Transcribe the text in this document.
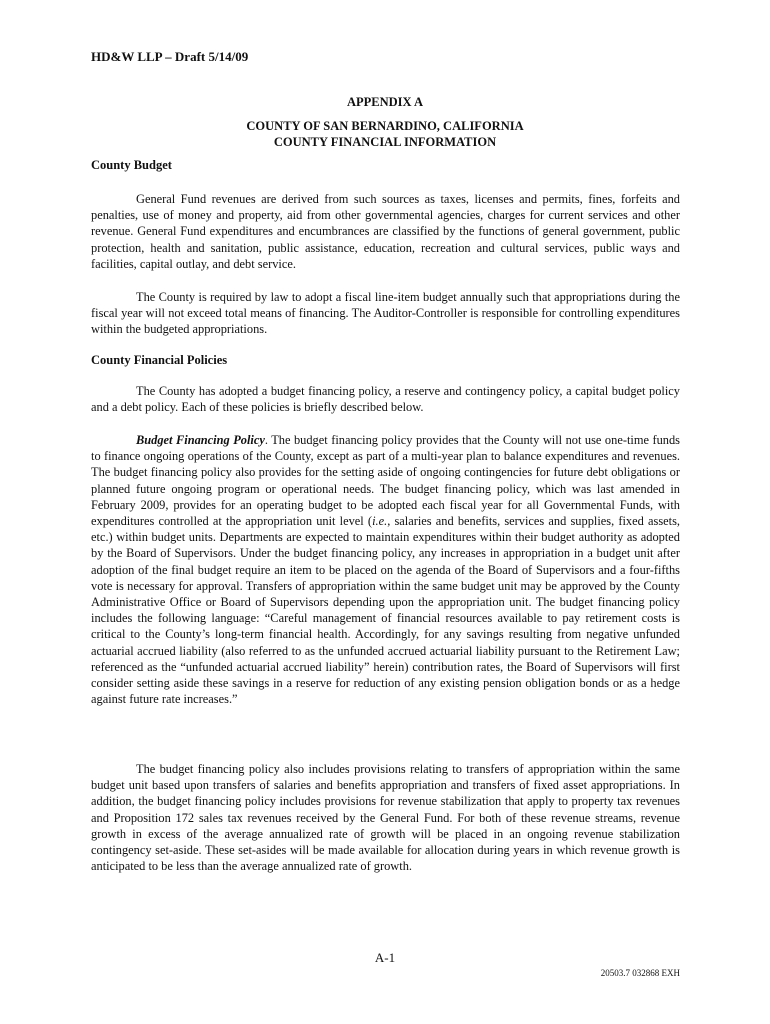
HD&W LLP – Draft 5/14/09
APPENDIX A
COUNTY OF SAN BERNARDINO, CALIFORNIA
COUNTY FINANCIAL INFORMATION
County Budget
General Fund revenues are derived from such sources as taxes, licenses and permits, fines, forfeits and penalties, use of money and property, aid from other governmental agencies, charges for current services and other revenue. General Fund expenditures and encumbrances are classified by the functions of general government, public protection, health and sanitation, public assistance, education, recreation and cultural services, public ways and facilities, capital outlay, and debt service.
The County is required by law to adopt a fiscal line-item budget annually such that appropriations during the fiscal year will not exceed total means of financing. The Auditor-Controller is responsible for controlling expenditures within the budgeted appropriations.
County Financial Policies
The County has adopted a budget financing policy, a reserve and contingency policy, a capital budget policy and a debt policy. Each of these policies is briefly described below.
Budget Financing Policy. The budget financing policy provides that the County will not use one-time funds to finance ongoing operations of the County, except as part of a multi-year plan to balance expenditures and revenues. The budget financing policy also provides for the setting aside of ongoing contingencies for future debt obligations or planned future ongoing program or operational needs. The budget financing policy, which was last amended in February 2009, provides for an operating budget to be adopted each fiscal year for all Governmental Funds, with expenditures controlled at the appropriation unit level (i.e., salaries and benefits, services and supplies, fixed assets, etc.) within budget units. Departments are expected to maintain expenditures within their budget authority as adopted by the Board of Supervisors. Under the budget financing policy, any increases in appropriation in a budget unit after adoption of the final budget require an item to be placed on the agenda of the Board of Supervisors and a four-fifths vote is necessary for approval. Transfers of appropriation within the same budget unit may be approved by the County Administrative Office or Board of Supervisors depending upon the appropriation unit. The budget financing policy includes the following language: “Careful management of financial resources available to pay retirement costs is critical to the County’s long-term financial health. Accordingly, for any savings resulting from negative unfunded actuarial accrued liability (also referred to as the unfunded accrued actuarial liability pursuant to the Retirement Law; referenced as the “unfunded actuarial accrued liability” herein) contribution rates, the Board of Supervisors will first consider setting aside these savings in a reserve for reduction of any existing pension obligation bonds or as a hedge against future rate increases.”
The budget financing policy also includes provisions relating to transfers of appropriation within the same budget unit based upon transfers of salaries and benefits appropriation and transfers of fixed asset appropriations. In addition, the budget financing policy includes provisions for revenue stabilization that apply to property tax revenues and Proposition 172 sales tax revenues received by the General Fund. For both of these revenue streams, revenue growth in excess of the average annualized rate of growth will be placed in an ongoing revenue stabilization contingency set-aside. These set-asides will be made available for allocation during years in which revenue growth is anticipated to be less than the average annualized rate of growth.
A-1
20503.7 032868 EXH
